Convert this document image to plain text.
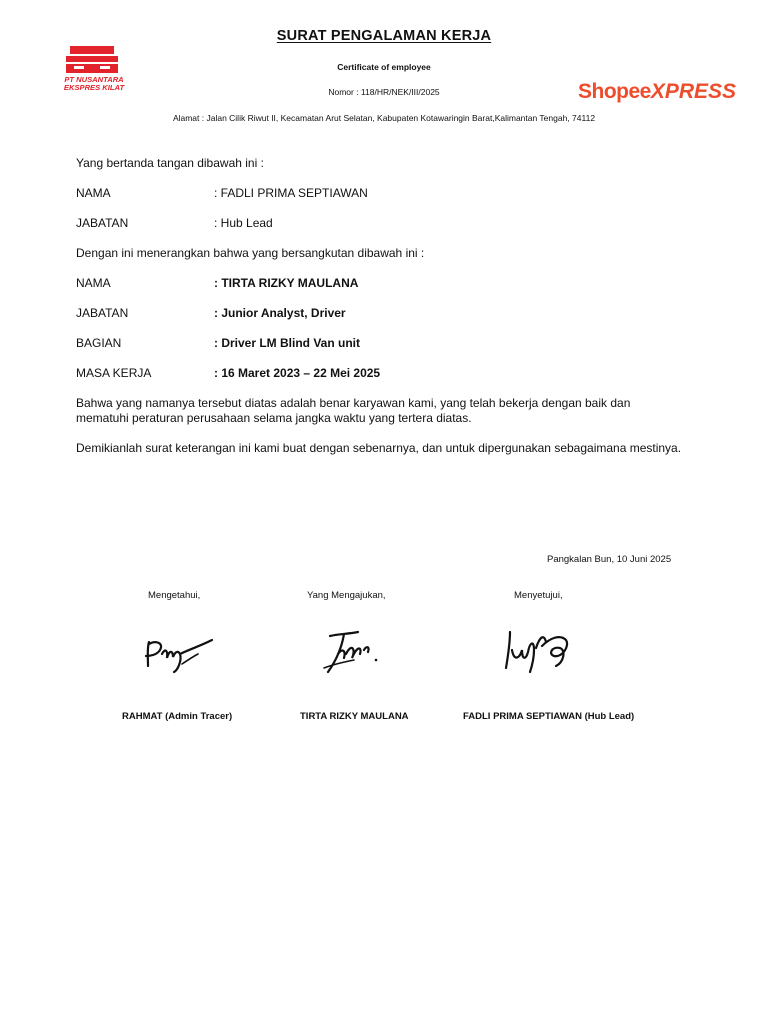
PT NUSANTARA
EKSPRES KILAT	ShopeeXPRESS
SURAT PENGALAMAN KERJA
Certificate of employee
Nomor : 118/HR/NEK/III/2025
Alamat : Jalan Cilik Riwut II, Kecamatan Arut Selatan, Kabupaten Kotawaringin Barat,Kalimantan Tengah, 74112
Yang bertanda tangan dibawah ini :
NAMA	: FADLI PRIMA SEPTIAWAN
JABATAN	: Hub Lead
Dengan ini menerangkan bahwa yang bersangkutan dibawah ini :
NAMA	: TIRTA RIZKY MAULANA
JABATAN	: Junior Analyst, Driver
BAGIAN	: Driver LM Blind Van unit
MASA KERJA	: 16 Maret 2023 – 22 Mei 2025
Bahwa yang namanya tersebut diatas adalah benar karyawan kami, yang telah bekerja dengan baik dan mematuhi peraturan perusahaan selama jangka waktu yang tertera diatas.
Demikianlah surat keterangan ini kami buat dengan sebenarnya, dan untuk dipergunakan sebagaimana mestinya.
Pangkalan Bun, 10 Juni 2025
Mengetahui,	Yang Mengajukan,	Menyetujui,
RAHMAT (Admin Tracer)	TIRTA RIZKY MAULANA	FADLI PRIMA SEPTIAWAN (Hub Lead)
